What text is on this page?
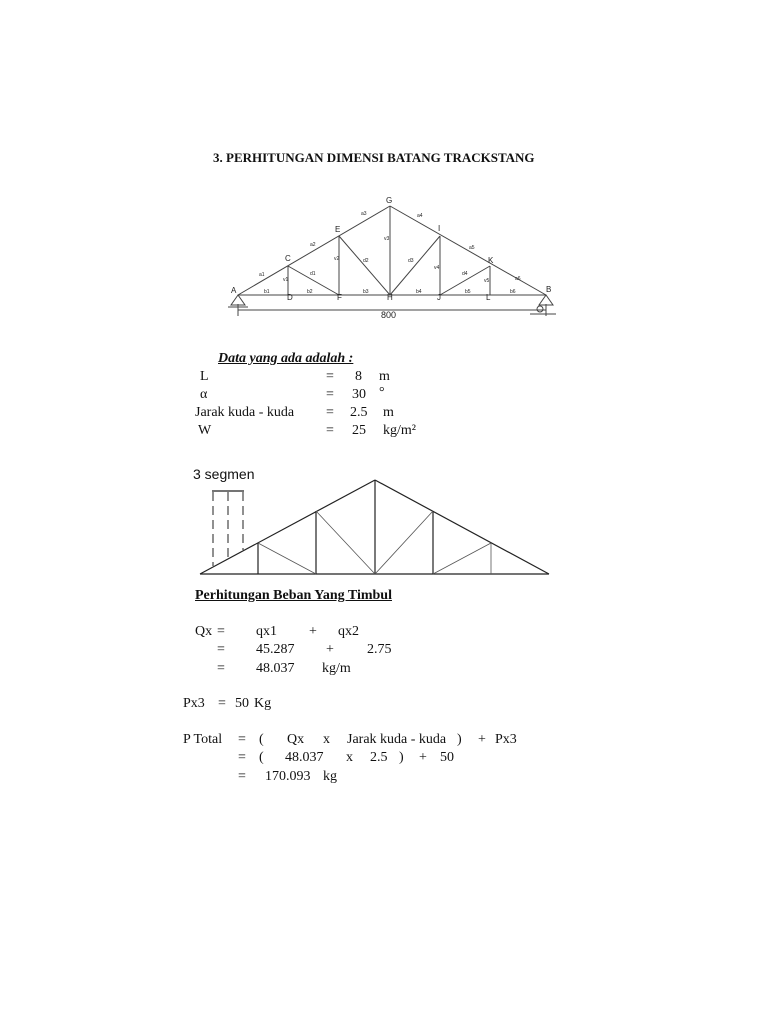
3. PERHITUNGAN DIMENSI BATANG TRACKSTANG
A
C
D
E
F
G
H
I
J
K
L
B
a1
a2
a3	a4
a5
a6
b1	b2	b3	b4	b5	b6
v1
v2
v3
v4
v5
d1
d2	d3
d4
800
Data yang ada adalah :
L	= 8 m
α	= 30 °
Jarak kuda - kuda = 2.5 m
W	= 25 kg/m²
3 segmen
Perhitungan Beban Yang Timbul
Qx = qx1 + qx2
= 45.287 + 2.75
= 48.037 kg/m
Px3 = 50 Kg
P Total = ( Qx x Jarak kuda - kuda ) + Px3
= ( 48.037 x 2.5 ) + 50
= 170.093 kg
